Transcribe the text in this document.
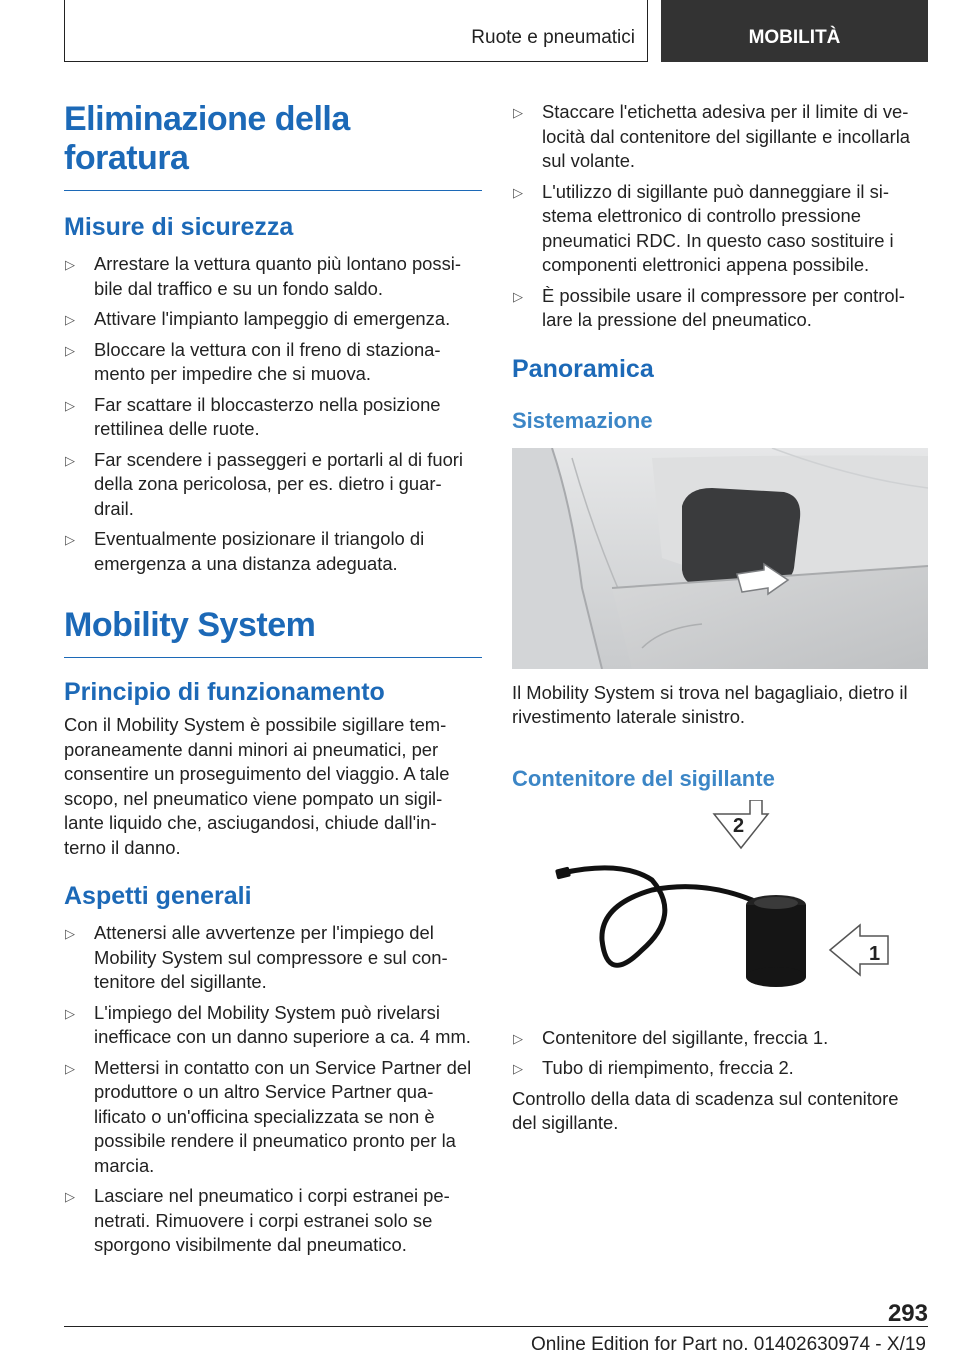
Ruote e pneumatici	MOBILITÀ
Eliminazione della foratura
Misure di sicurezza
▷ Arrestare la vettura quanto più lontano possi- bile dal traffico e su un fondo saldo.
▷ Attivare l'impianto lampeggio di emergenza.
▷ Bloccare la vettura con il freno di staziona- mento per impedire che si muova.
▷ Far scattare il bloccasterzo nella posizione rettilinea delle ruote.
▷ Far scendere i passeggeri e portarli al di fuori della zona pericolosa, per es. dietro i guar- drail.
▷ Eventualmente posizionare il triangolo di emergenza a una distanza adeguata.
Mobility System
Principio di funzionamento

Con il Mobility System è possibile sigillare tem- poraneamente danni minori ai pneumatici, per consentire un proseguimento del viaggio. A tale scopo, nel pneumatico viene pompato un sigil- lante liquido che, asciugandosi, chiude dall'in- terno il danno.

Aspetti generali
▷ Attenersi alle avvertenze per l'impiego del Mobility System sul compressore e sul con- tenitore del sigillante.
▷ L'impiego del Mobility System può rivelarsi inefficace con un danno superiore a ca. 4 mm.
▷ Mettersi in contatto con un Service Partner del produttore o un altro Service Partner qua- lificato o un'officina specializzata se non è possibile rendere il pneumatico pronto per la marcia.
▷ Lasciare nel pneumatico i corpi estranei pe- netrati. Rimuovere i corpi estranei solo se sporgono visibilmente dal pneumatico.
▷ Staccare l'etichetta adesiva per il limite di ve- locità dal contenitore del sigillante e incollarla sul volante.
▷ L'utilizzo di sigillante può danneggiare il si- stema elettronico di controllo pressione pneumatici RDC. In questo caso sostituire i componenti elettronici appena possibile.
▷ È possibile usare il compressore per control- lare la pressione del pneumatico.
Panoramica
Sistemazione

Il Mobility System si trova nel bagagliaio, dietro il rivestimento laterale sinistro.

Contenitore del sigillante
1
2
▷ Contenitore del sigillante, freccia 1.
▷ Tubo di riempimento, freccia 2.

Controllo della data di scadenza sul contenitore del sigillante.

293
Online Edition for Part no. 01402630974 - X/19
